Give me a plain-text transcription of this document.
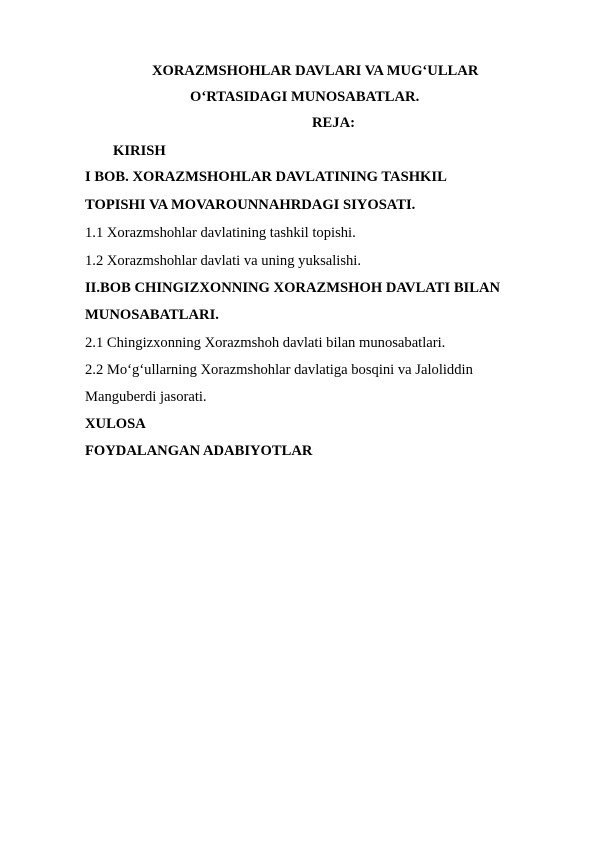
XORAZMSHOHLAR DAVLARI VA MUG‘ULLAR
O‘RTASIDAGI MUNOSABATLAR.
REJA:
KIRISH
I BOB. XORAZMSHOHLAR DAVLATINING TASHKIL
TOPISHI VA MOVAROUNNAHRDAGI SIYOSATI.
1.1 Xorazmshohlar davlatining tashkil topishi.
1.2 Xorazmshohlar davlati va uning yuksalishi.
II.BOB CHINGIZXONNING XORAZMSHOH DAVLATI BILAN
MUNOSABATLARI.
2.1 Chingizxonning Xorazmshoh davlati bilan munosabatlari.
2.2 Mo‘g‘ullarning Xorazmshohlar davlatiga bosqini va Jaloliddin
Manguberdi jasorati.
XULOSA
FOYDALANGAN ADABIYOTLAR
